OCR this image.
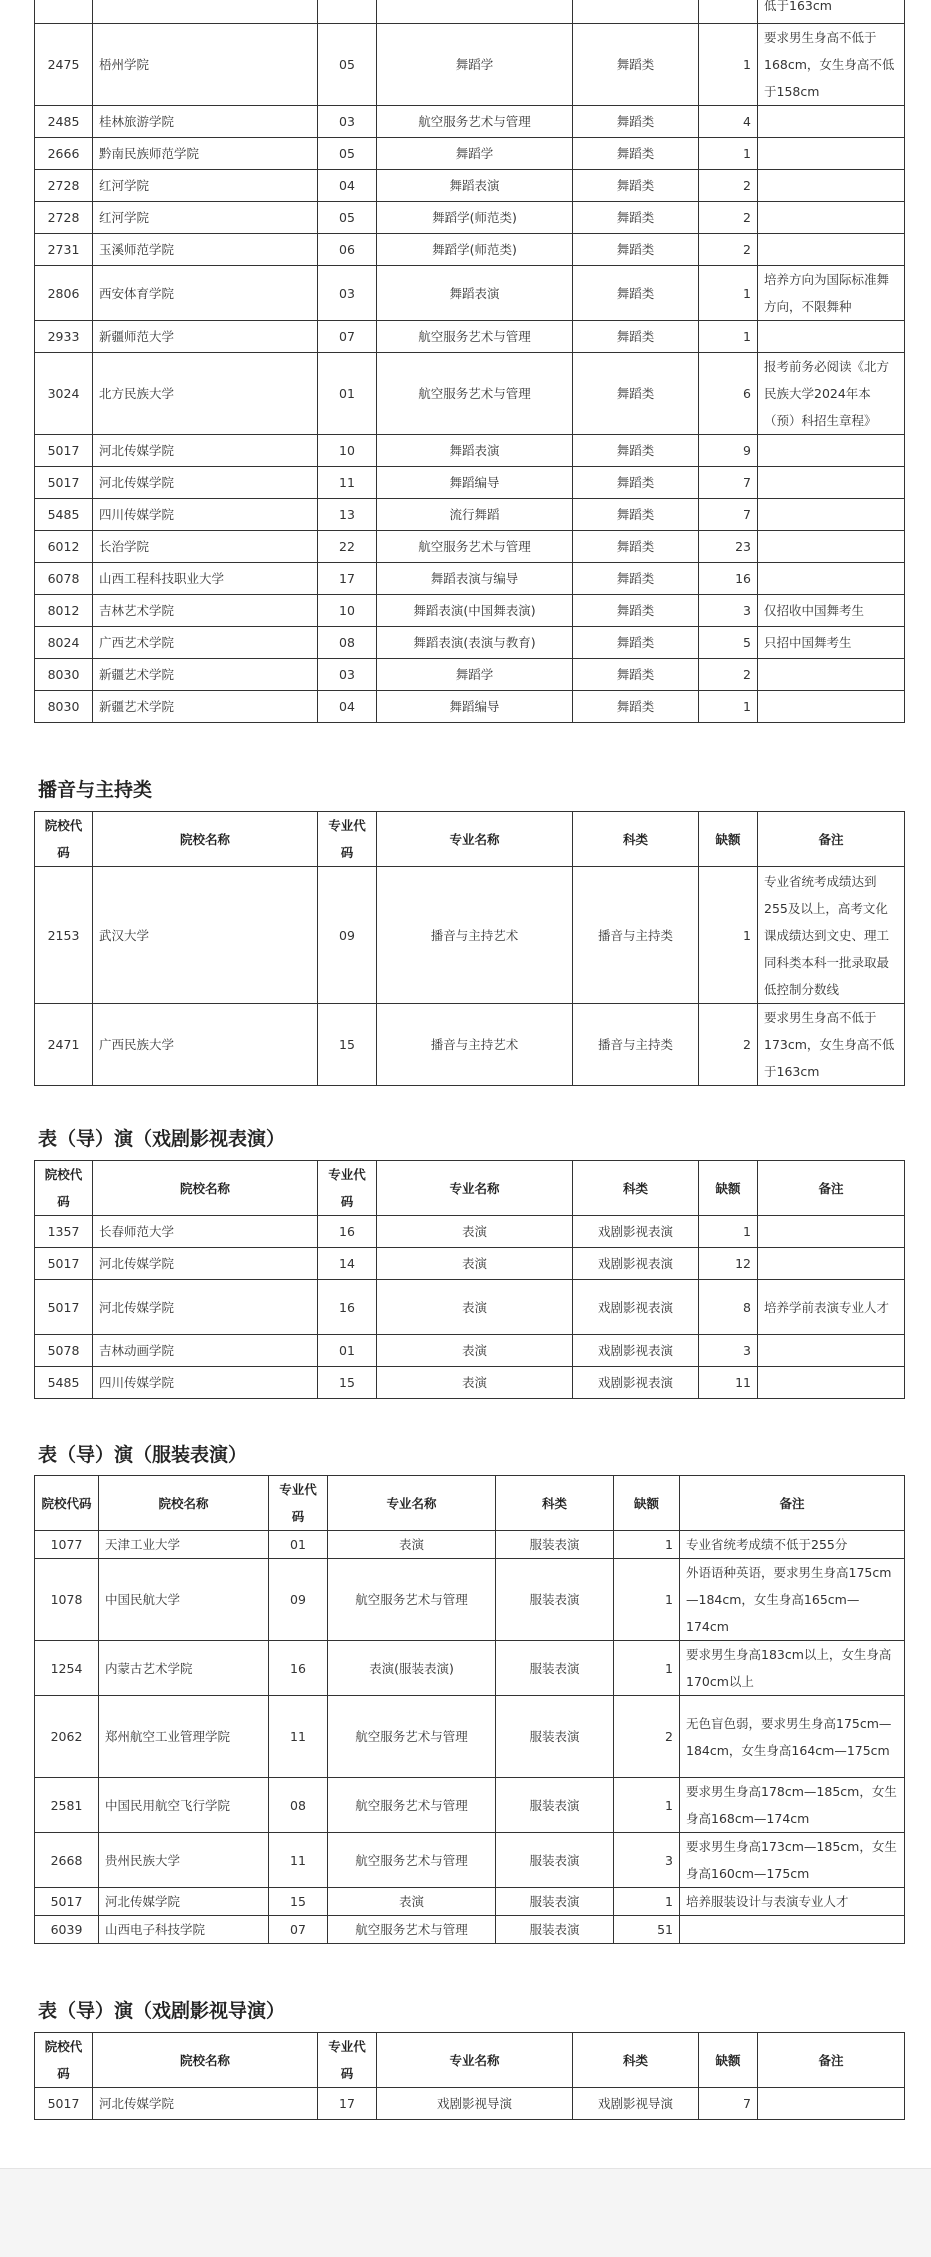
						低于163cm
2475	梧州学院	05	舞蹈学	舞蹈类	1	要求男生身高不低于168cm，女生身高不低于158cm
2485	桂林旅游学院	03	航空服务艺术与管理	舞蹈类	4	
2666	黔南民族师范学院	05	舞蹈学	舞蹈类	1	
2728	红河学院	04	舞蹈表演	舞蹈类	2	
2728	红河学院	05	舞蹈学(师范类)	舞蹈类	2	
2731	玉溪师范学院	06	舞蹈学(师范类)	舞蹈类	2	
2806	西安体育学院	03	舞蹈表演	舞蹈类	1	培养方向为国际标准舞方向，不限舞种
2933	新疆师范大学	07	航空服务艺术与管理	舞蹈类	1	
3024	北方民族大学	01	航空服务艺术与管理	舞蹈类	6	报考前务必阅读《北方民族大学2024年本（预）科招生章程》
5017	河北传媒学院	10	舞蹈表演	舞蹈类	9	
5017	河北传媒学院	11	舞蹈编导	舞蹈类	7	
5485	四川传媒学院	13	流行舞蹈	舞蹈类	7	
6012	长治学院	22	航空服务艺术与管理	舞蹈类	23	
6078	山西工程科技职业大学	17	舞蹈表演与编导	舞蹈类	16	
8012	吉林艺术学院	10	舞蹈表演(中国舞表演)	舞蹈类	3	仅招收中国舞考生
8024	广西艺术学院	08	舞蹈表演(表演与教育)	舞蹈类	5	只招中国舞考生
8030	新疆艺术学院	03	舞蹈学	舞蹈类	2	
8030	新疆艺术学院	04	舞蹈编导	舞蹈类	1	
播音与主持类
院校代码	院校名称	专业代码	专业名称	科类	缺额	备注
2153	武汉大学	09	播音与主持艺术	播音与主持类	1	专业省统考成绩达到255及以上，高考文化课成绩达到文史、理工同科类本科一批录取最低控制分数线
2471	广西民族大学	15	播音与主持艺术	播音与主持类	2	要求男生身高不低于173cm，女生身高不低于163cm
表（导）演（戏剧影视表演）
院校代码	院校名称	专业代码	专业名称	科类	缺额	备注
1357	长春师范大学	16	表演	戏剧影视表演	1	
5017	河北传媒学院	14	表演	戏剧影视表演	12	
5017	河北传媒学院	16	表演	戏剧影视表演	8	培养学前表演专业人才
5078	吉林动画学院	01	表演	戏剧影视表演	3	
5485	四川传媒学院	15	表演	戏剧影视表演	11	
表（导）演（服装表演）
院校代码	院校名称	专业代码	专业名称	科类	缺额	备注
1077	天津工业大学	01	表演	服装表演	1	专业省统考成绩不低于255分
1078	中国民航大学	09	航空服务艺术与管理	服装表演	1	外语语种英语，要求男生身高175cm—184cm，女生身高165cm—174cm
1254	内蒙古艺术学院	16	表演(服装表演)	服装表演	1	要求男生身高183cm以上，女生身高170cm以上
2062	郑州航空工业管理学院	11	航空服务艺术与管理	服装表演	2	无色盲色弱，要求男生身高175cm—184cm，女生身高164cm—175cm
2581	中国民用航空飞行学院	08	航空服务艺术与管理	服装表演	1	要求男生身高178cm—185cm，女生身高168cm—174cm
2668	贵州民族大学	11	航空服务艺术与管理	服装表演	3	要求男生身高173cm—185cm，女生身高160cm—175cm
5017	河北传媒学院	15	表演	服装表演	1	培养服装设计与表演专业人才
6039	山西电子科技学院	07	航空服务艺术与管理	服装表演	51	
表（导）演（戏剧影视导演）
院校代码	院校名称	专业代码	专业名称	科类	缺额	备注
5017	河北传媒学院	17	戏剧影视导演	戏剧影视导演	7	
